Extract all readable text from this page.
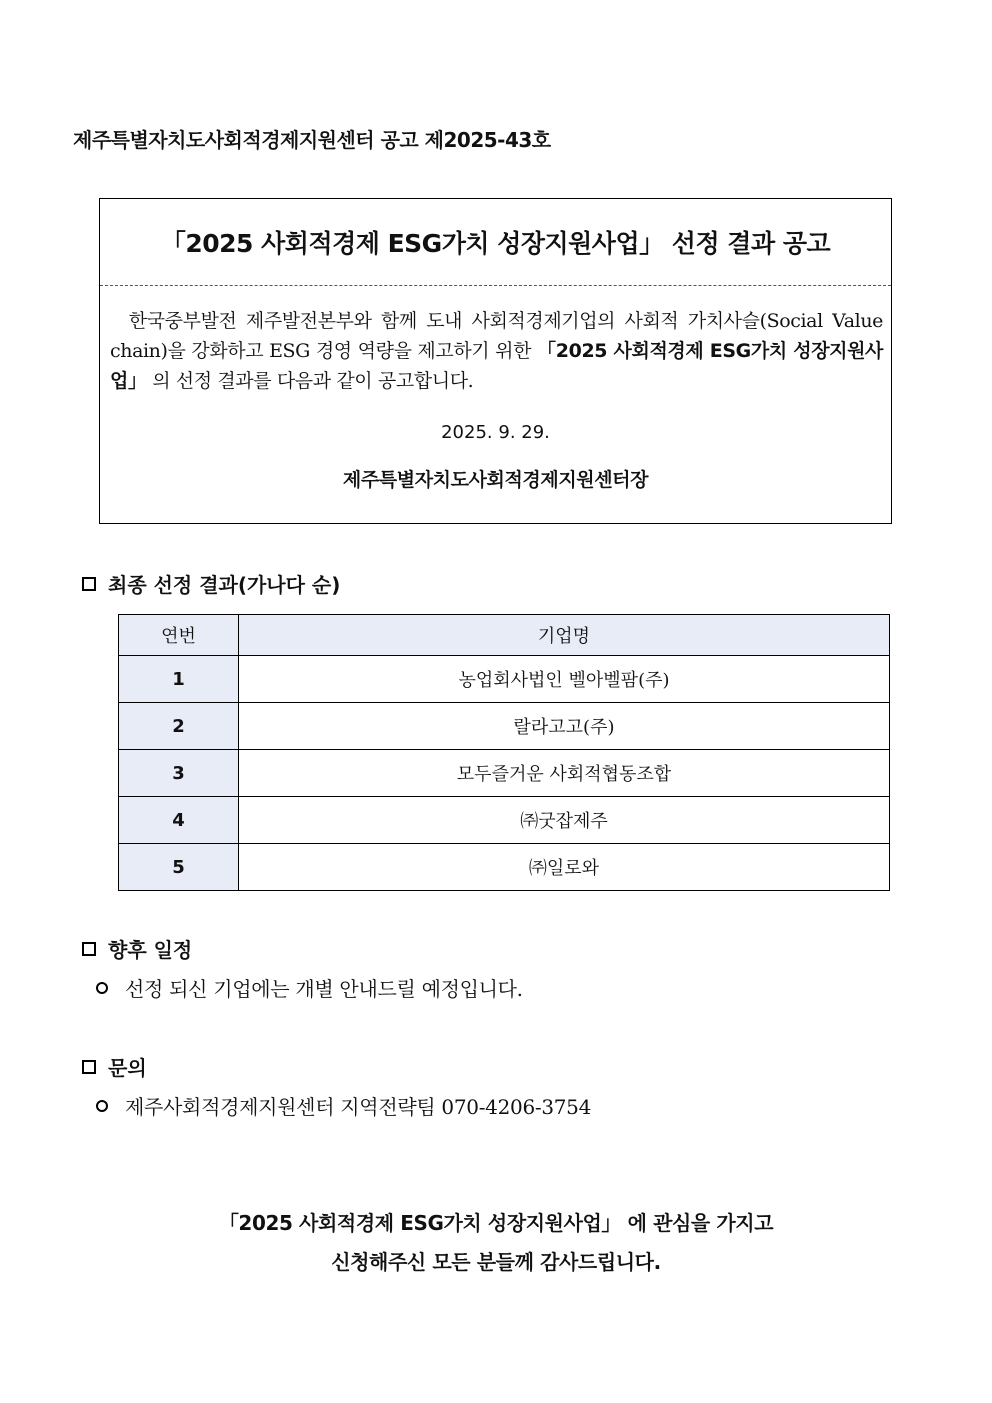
제주특별자치도사회적경제지원센터 공고 제2025-43호
「2025 사회적경제 ESG가치 성장지원사업」 선정 결과 공고
한국중부발전 제주발전본부와 함께 도내 사회적경제기업의 사회적 가치사슬(Social Value chain)을 강화하고 ESG 경영 역량을 제고하기 위한 「2025 사회적경제 ESG가치 성장지원사업」 의 선정 결과를 다음과 같이 공고합니다.
2025. 9. 29.
제주특별자치도사회적경제지원센터장
최종 선정 결과(가나다 순)
연번	기업명
1	농업회사법인 벨아벨팜(주)
2	랄라고고(주)
3	모두즐거운 사회적협동조합
4	㈜굿잡제주
5	㈜일로와
향후 일정
선정 되신 기업에는 개별 안내드릴 예정입니다.
문의
제주사회적경제지원센터 지역전략팀 070-4206-3754
「2025 사회적경제 ESG가치 성장지원사업」 에 관심을 가지고
신청해주신 모든 분들께 감사드립니다.
